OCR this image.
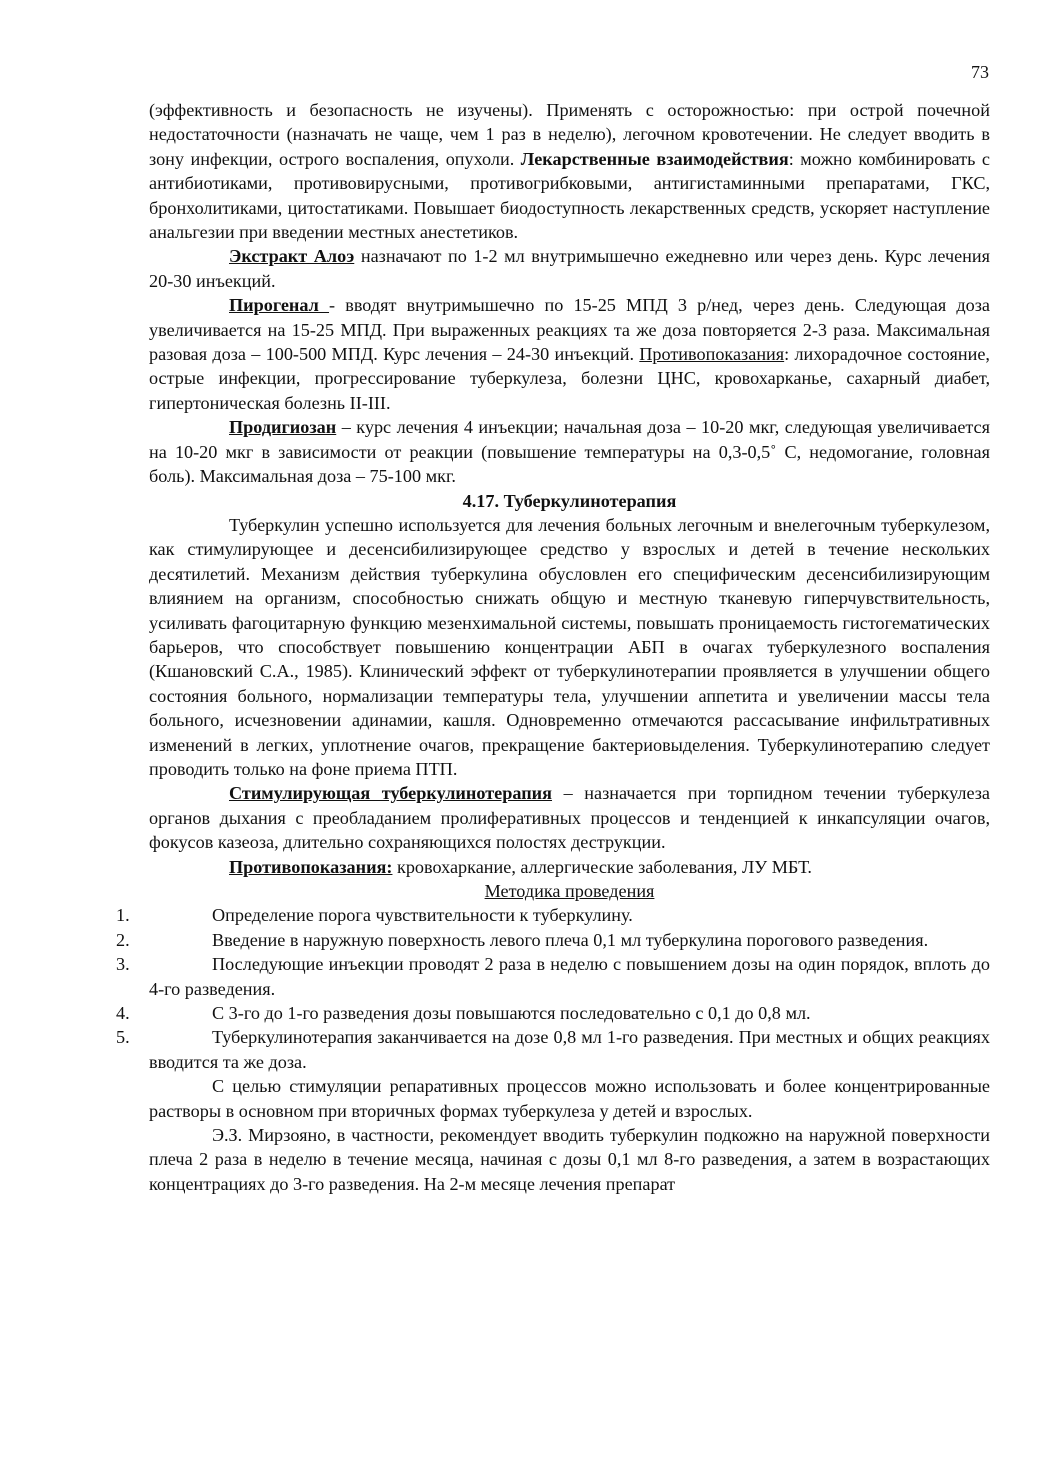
73

(эффективность и безопасность не изучены). Применять с осторожностью: при острой почечной недостаточности (назначать не чаще, чем 1 раз в неделю), легочном кровотечении. Не следует вводить в зону инфекции, острого воспаления, опухоли. Лекарственные взаимодействия: можно комбинировать с антибиотиками, противовирусными, противогрибковыми, антигистаминными препаратами, ГКС, бронхолитиками, цитостатиками. Повышает биодоступность лекарственных средств, ускоряет наступление анальгезии при введении местных анестетиков.

Экстракт Алоэ назначают по 1-2 мл внутримышечно ежедневно или через день. Курс лечения 20-30 инъекций.

Пирогенал - вводят внутримышечно по 15-25 МПД 3 р/нед, через день. Следующая доза увеличивается на 15-25 МПД. При выраженных реакциях та же доза повторяется 2-3 раза. Максимальная разовая доза – 100-500 МПД. Курс лечения – 24-30 инъекций. Противопоказания: лихорадочное состояние, острые инфекции, прогрессирование туберкулеза, болезни ЦНС, кровохарканье, сахарный диабет, гипертоническая болезнь II-III.

Продигиозан – курс лечения 4 инъекции; начальная доза – 10-20 мкг, следующая увеличивается на 10-20 мкг в зависимости от реакции (повышение температуры на 0,3-0,5˚ С, недомогание, головная боль). Максимальная доза – 75-100 мкг.

4.17. Туберкулинотерапия

Туберкулин успешно используется для лечения больных легочным и внелегочным туберкулезом, как стимулирующее и десенсибилизирующее средство у взрослых и детей в течение нескольких десятилетий. Механизм действия туберкулина обусловлен его специфическим десенсибилизирующим влиянием на организм, способностью снижать общую и местную тканевую гиперчувствительность, усиливать фагоцитарную функцию мезенхимальной системы, повышать проницаемость гистогематических барьеров, что способствует повышению концентрации АБП в очагах туберкулезного воспаления (Кшановский С.А., 1985). Клинический эффект от туберкулинотерапии проявляется в улучшении общего состояния больного, нормализации температуры тела, улучшении аппетита и увеличении массы тела больного, исчезновении адинамии, кашля. Одновременно отмечаются рассасывание инфильтративных изменений в легких, уплотнение очагов, прекращение бактериовыделения. Туберкулинотерапию следует проводить только на фоне приема ПТП.

Стимулирующая туберкулинотерапия – назначается при торпидном течении туберкулеза органов дыхания с преобладанием пролиферативных процессов и тенденцией к инкапсуляции очагов, фокусов казеоза, длительно сохраняющихся полостях деструкции.

Противопоказания: кровохаркание, аллергические заболевания, ЛУ МБТ.

Методика проведения

1.	Определение порога чувствительности к туберкулину.
2.	Введение в наружную поверхность левого плеча 0,1 мл туберкулина порогового разведения.
3.	Последующие инъекции проводят 2 раза в неделю с повышением дозы на один порядок, вплоть до 4-го разведения.
4.	С 3-го до 1-го разведения дозы повышаются последовательно с 0,1 до 0,8 мл.
5.	Туберкулинотерапия заканчивается на дозе 0,8 мл 1-го разведения. При местных и общих реакциях вводится та же доза.

С целью стимуляции репаративных процессов можно использовать и более концентрированные растворы в основном при вторичных формах туберкулеза у детей и взрослых.

Э.З. Мирзояно, в частности, рекомендует вводить туберкулин подкожно на наружной поверхности плеча 2 раза в неделю в течение месяца, начиная с дозы 0,1 мл 8-го разведения, а затем в возрастающих концентрациях до 3-го разведения. На 2-м месяце лечения препарат
